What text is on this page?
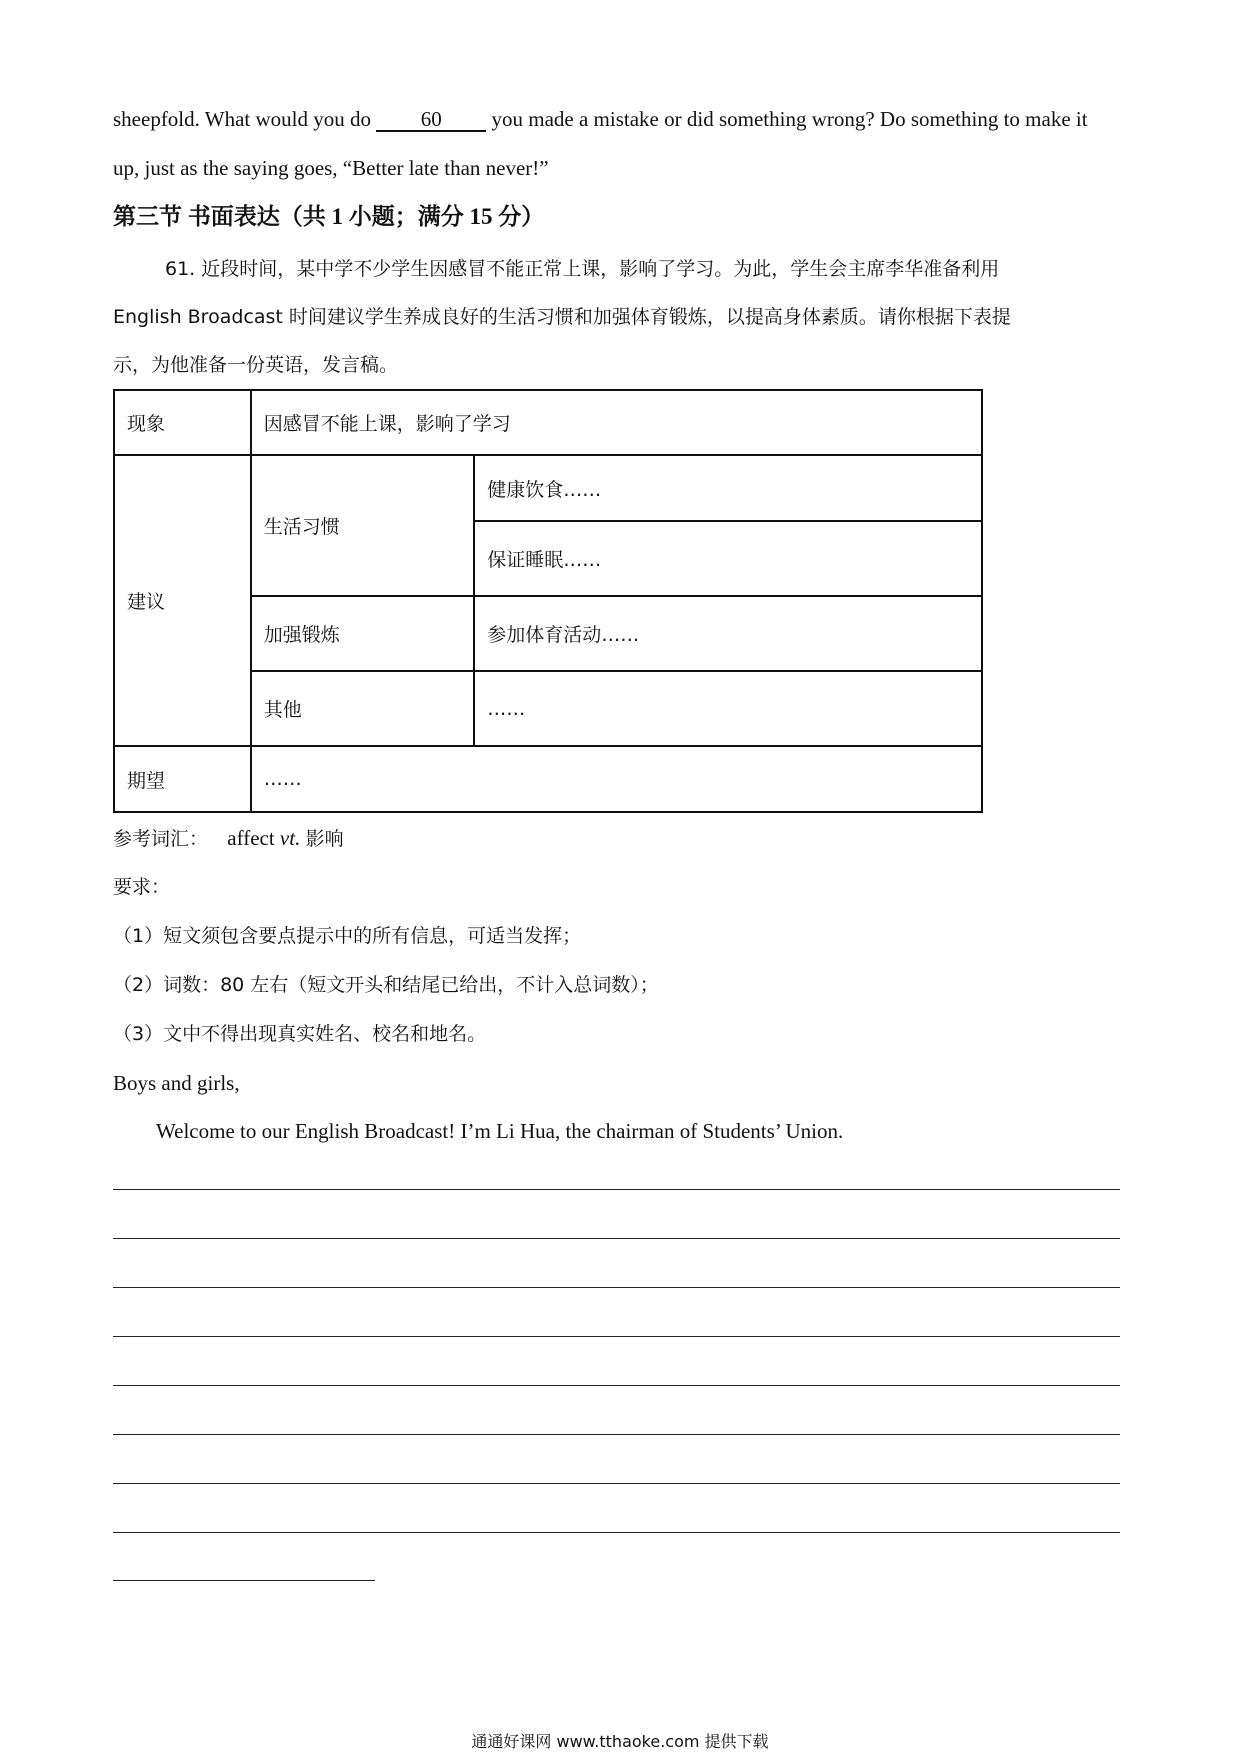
sheepfold. What would you do 60 you made a mistake or did something wrong? Do something to make it
up, just as the saying goes, “Better late than never!”
第三节 书面表达（共 1 小题；满分 15 分）
61. 近段时间，某中学不少学生因感冒不能正常上课，影响了学习。为此，学生会主席李华准备利用
English Broadcast 时间建议学生养成良好的生活习惯和加强体育锻炼，以提高身体素质。请你根据下表提
示，为他准备一份英语，发言稿。
现象	因感冒不能上课，影响了学习	
建议	生活习惯	健康饮食……
		保证睡眠……
	加强锻炼	参加体育活动……
	其他	……

期望	……	
参考词汇： affect vt. 影响
要求：
（1）短文须包含要点提示中的所有信息，可适当发挥；
（2）词数：80 左右（短文开头和结尾已给出，不计入总词数）；
（3）文中不得出现真实姓名、校名和地名。
Boys and girls,
Welcome to our English Broadcast! I’m Li Hua, the chairman of Students’ Union.
通通好课网 www.tthaoke.com 提供下载
